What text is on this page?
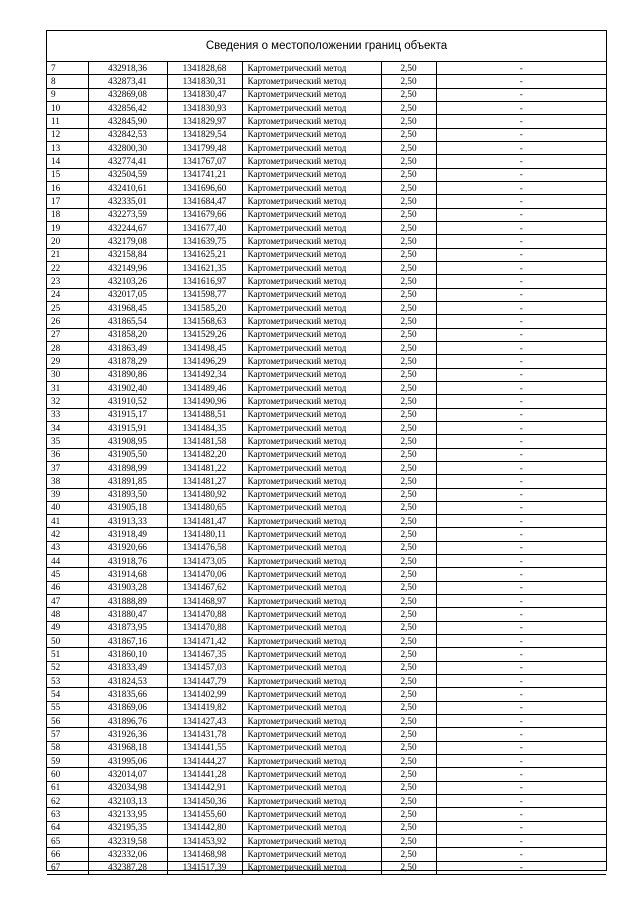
Сведения о местоположении границ объекта
7	432918,36	1341828,68	Картометрический метод	2,50	-
8	432873,41	1341830,31	Картометрический метод	2,50	-
9	432869,08	1341830,47	Картометрический метод	2,50	-
10	432856,42	1341830,93	Картометрический метод	2,50	-
11	432845,90	1341829,97	Картометрический метод	2,50	-
12	432842,53	1341829,54	Картометрический метод	2,50	-
13	432800,30	1341799,48	Картометрический метод	2,50	-
14	432774,41	1341767,07	Картометрический метод	2,50	-
15	432504,59	1341741,21	Картометрический метод	2,50	-
16	432410,61	1341696,60	Картометрический метод	2,50	-
17	432335,01	1341684,47	Картометрический метод	2,50	-
18	432273,59	1341679,66	Картометрический метод	2,50	-
19	432244,67	1341677,40	Картометрический метод	2,50	-
20	432179,08	1341639,75	Картометрический метод	2,50	-
21	432158,84	1341625,21	Картометрический метод	2,50	-
22	432149,96	1341621,35	Картометрический метод	2,50	-
23	432103,26	1341616,97	Картометрический метод	2,50	-
24	432017,05	1341598,77	Картометрический метод	2,50	-
25	431968,45	1341585,20	Картометрический метод	2,50	-
26	431865,54	1341568,63	Картометрический метод	2,50	-
27	431858,20	1341529,26	Картометрический метод	2,50	-
28	431863,49	1341498,45	Картометрический метод	2,50	-
29	431878,29	1341496,29	Картометрический метод	2,50	-
30	431890,86	1341492,34	Картометрический метод	2,50	-
31	431902,40	1341489,46	Картометрический метод	2,50	-
32	431910,52	1341490,96	Картометрический метод	2,50	-
33	431915,17	1341488,51	Картометрический метод	2,50	-
34	431915,91	1341484,35	Картометрический метод	2,50	-
35	431908,95	1341481,58	Картометрический метод	2,50	-
36	431905,50	1341482,20	Картометрический метод	2,50	-
37	431898,99	1341481,22	Картометрический метод	2,50	-
38	431891,85	1341481,27	Картометрический метод	2,50	-
39	431893,50	1341480,92	Картометрический метод	2,50	-
40	431905,18	1341480,65	Картометрический метод	2,50	-
41	431913,33	1341481,47	Картометрический метод	2,50	-
42	431918,49	1341480,11	Картометрический метод	2,50	-
43	431920,66	1341476,58	Картометрический метод	2,50	-
44	431918,76	1341473,05	Картометрический метод	2,50	-
45	431914,68	1341470,06	Картометрический метод	2,50	-
46	431903,28	1341467,62	Картометрический метод	2,50	-
47	431888,89	1341468,97	Картометрический метод	2,50	-
48	431880,47	1341470,88	Картометрический метод	2,50	-
49	431873,95	1341470,88	Картометрический метод	2,50	-
50	431867,16	1341471,42	Картометрический метод	2,50	-
51	431860,10	1341467,35	Картометрический метод	2,50	-
52	431833,49	1341457,03	Картометрический метод	2,50	-
53	431824,53	1341447,79	Картометрический метод	2,50	-
54	431835,66	1341402,99	Картометрический метод	2,50	-
55	431869,06	1341419,82	Картометрический метод	2,50	-
56	431896,76	1341427,43	Картометрический метод	2,50	-
57	431926,36	1341431,78	Картометрический метод	2,50	-
58	431968,18	1341441,55	Картометрический метод	2,50	-
59	431995,06	1341444,27	Картометрический метод	2,50	-
60	432014,07	1341441,28	Картометрический метод	2,50	-
61	432034,98	1341442,91	Картометрический метод	2,50	-
62	432103,13	1341450,36	Картометрический метод	2,50	-
63	432133,95	1341455,60	Картометрический метод	2,50	-
64	432195,35	1341442,80	Картометрический метод	2,50	-
65	432319,58	1341453,92	Картометрический метод	2,50	-
66	432332,06	1341468,98	Картометрический метод	2,50	-
67	432387,28	1341517,39	Картометрический метод	2,50	-
